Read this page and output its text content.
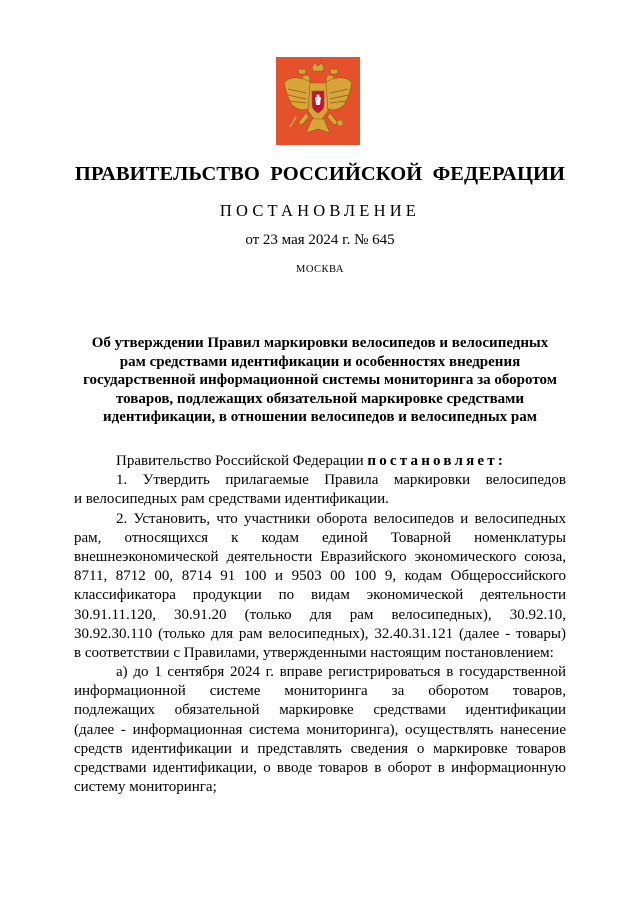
ПРАВИТЕЛЬСТВО РОССИЙСКОЙ ФЕДЕРАЦИИ
ПОСТАНОВЛЕНИЕ
от 23 мая 2024 г. № 645
МОСКВА
Об утверждении Правил маркировки велосипедов и велосипедных
рам средствами идентификации и особенностях внедрения
государственной информационной системы мониторинга за оборотом
товаров, подлежащих обязательной маркировке средствами
идентификации, в отношении велосипедов и велосипедных рам
Правительство Российской Федерации постановляет:
1. Утвердить прилагаемые Правила маркировки велосипедов
и велосипедных рам средствами идентификации.
2. Установить, что участники оборота велосипедов и велосипедных
рам, относящихся к кодам единой Товарной номенклатуры
внешнеэкономической деятельности Евразийского экономического союза,
8711, 8712 00, 8714 91 100 и 9503 00 100 9, кодам Общероссийского
классификатора продукции по видам экономической деятельности
30.91.11.120, 30.91.20 (только для рам велосипедных), 30.92.10,
30.92.30.110 (только для рам велосипедных), 32.40.31.121 (далее - товары)
в соответствии с Правилами, утвержденными настоящим постановлением:
а) до 1 сентября 2024 г. вправе регистрироваться в государственной
информационной системе мониторинга за оборотом товаров,
подлежащих обязательной маркировке средствами идентификации
(далее - информационная система мониторинга), осуществлять нанесение
средств идентификации и представлять сведения о маркировке товаров
средствами идентификации, о вводе товаров в оборот в информационную
систему мониторинга;
